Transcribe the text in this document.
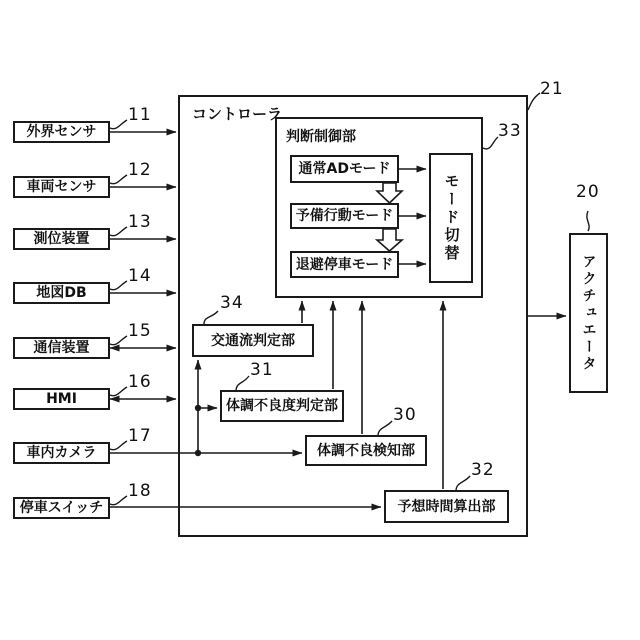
コントローラ
21
判断制御部	33
通常ADモード
予備行動モード
退避停車モード
モード切替
交通流判定部
34
体調不良度判定部
31
体調不良検知部
30
予想時間算出部
32
アクチュエータ
20
外界センサ
11
車両センサ
12
測位装置
13
地図DB
14
通信装置
15
HMI
16
車内カメラ
17
停車スイッチ
18
